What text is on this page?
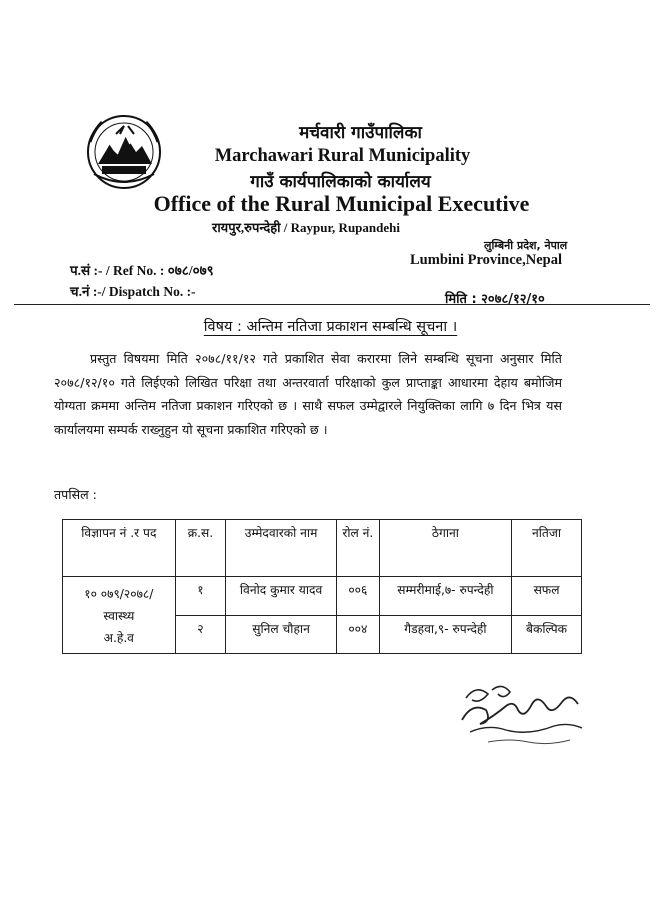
मर्चवारी गाउँपालिका
Marchawari Rural Municipality
गाउँ कार्यपालिकाको कार्यालय
Office of the Rural Municipal Executive
रायपुर,रुपन्देही / Raypur, Rupandehi
लुम्बिनी प्रदेश, नेपाल
Lumbini Province,Nepal
प.सं :- / Ref No. : ०७८/०७९
च.नं :-/ Dispatch No. :-
मिति : २०७८/१२/१०
विषय : अन्तिम नतिजा प्रकाशन सम्बन्धि सूचना ।
प्रस्तुत विषयमा मिति २०७८/११/१२ गते प्रकाशित सेवा करारमा लिने सम्बन्धि सूचना अनुसार मिति २०७८/१२/१० गते लिईएको लिखित परिक्षा तथा अन्तरवार्ता परिक्षाको कुल प्राप्ताङ्का आधारमा देहाय बमोजिम योग्यता क्रममा अन्तिम नतिजा प्रकाशन गरिएको छ । साथै सफल उम्मेद्वारले नियुक्तिका लागि ७ दिन भित्र यस कार्यालयमा सम्पर्क राख्नुहुन यो सूचना प्रकाशित गरिएको छ ।
तपसिल :
विज्ञापन नं .र पद	क्र.स.	उम्मेदवारको नाम	रोल नं.	ठेगाना	नतिजा

१० ०७९/२०७८/
स्वास्थ्य
अ.हे.व	१	विनोद कुमार यादव	००६	सम्मरीमाई,७- रुपन्देही	सफल
	२	सुनिल चौहान	००४	गैडहवा,९- रुपन्देही	बैकल्पिक
